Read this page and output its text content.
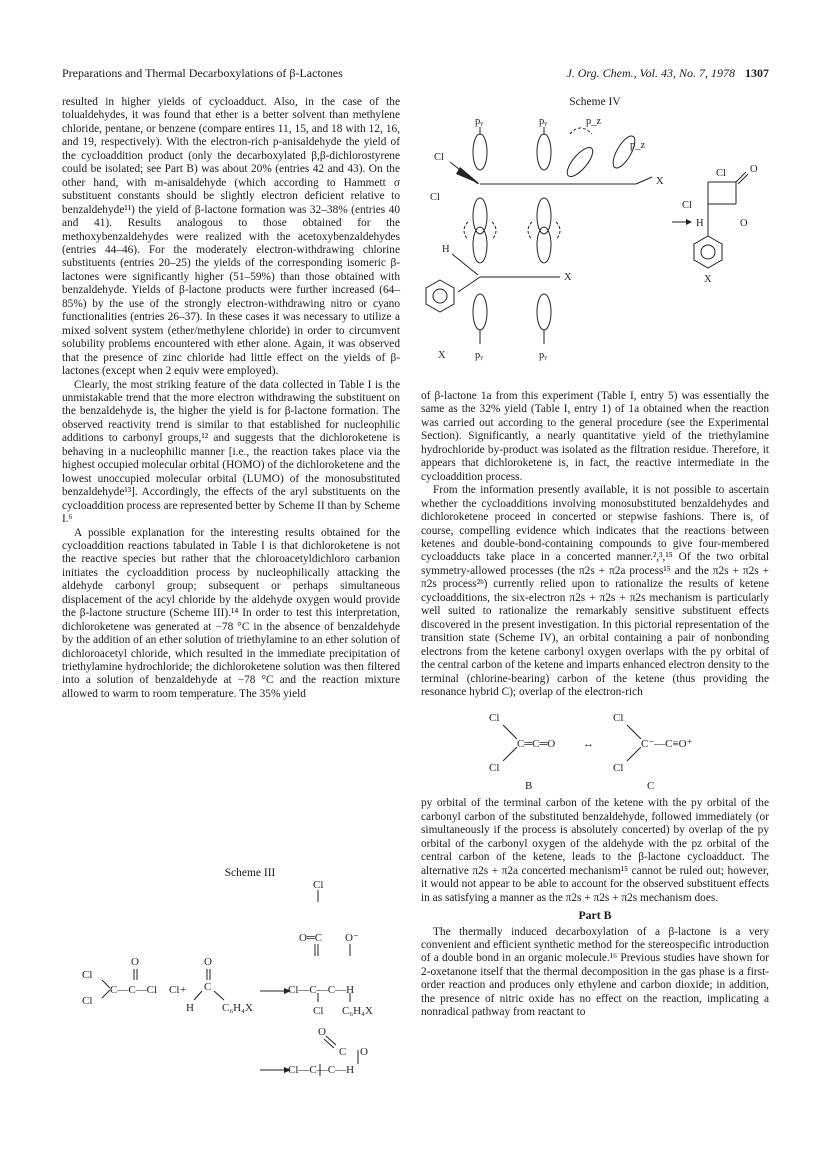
Preparations and Thermal Decarboxylations of β-Lactones	J. Org. Chem., Vol. 43, No. 7, 1978 1307

resulted in higher yields of cycloadduct. Also, in the case of the tolualdehydes, it was found that ether is a better solvent than methylene chloride, pentane, or benzene (compare entires 11, 15, and 18 with 12, 16, and 19, respectively). With the electron-rich p-anisaldehyde the yield of the cycloaddition product (only the decarboxylated β,β-dichlorostyrene could be isolated; see Part B) was about 20% (entries 42 and 43). On the other hand, with m-anisaldehyde (which according to Hammett σ substituent constants should be slightly electron deficient relative to benzaldehyde¹¹) the yield of β-lactone formation was 32–38% (entries 40 and 41). Results analogous to those obtained for the methoxybenzaldehydes were realized with the acetoxybenzaldehydes (entries 44–46). For the moderately electron-withdrawing chlorine substituents (entries 20–25) the yields of the corresponding isomeric β-lactones were significantly higher (51–59%) than those obtained with benzaldehyde. Yields of β-lactone products were further increased (64–85%) by the use of the strongly electron-withdrawing nitro or cyano functionalities (entries 26–37). In these cases it was necessary to utilize a mixed solvent system (ether/methylene chloride) in order to circumvent solubility problems encountered with ether alone. Again, it was observed that the presence of zinc chloride had little effect on the yields of β-lactones (except when 2 equiv were employed).

Clearly, the most striking feature of the data collected in Table I is the unmistakable trend that the more electron withdrawing the substituent on the benzaldehyde is, the higher the yield is for β-lactone formation. The observed reactivity trend is similar to that established for nucleophilic additions to carbonyl groups,¹² and suggests that the dichloroketene is behaving in a nucleophilic manner [i.e., the reaction takes place via the highest occupied molecular orbital (HOMO) of the dichloroketene and the lowest unoccupied molecular orbital (LUMO) of the monosubstituted benzaldehyde¹³]. Accordingly, the effects of the aryl substituents on the cycloaddition process are represented better by Scheme II than by Scheme I.⁶

A possible explanation for the interesting results obtained for the cycloaddition reactions tabulated in Table I is that dichloroketene is not the reactive species but rather that the chloroacetyldichloro carbanion initiates the cycloaddition process by nucleophilically attacking the aldehyde carbonyl group; subsequent or perhaps simultaneous displacement of the acyl chloride by the aldehyde oxygen would provide the β-lactone structure (Scheme III).¹⁴ In order to test this interpretation, dichloroketene was generated at −78 °C in the absence of benzaldehyde by the addition of an ether solution of triethylamine to an ether solution of dichloroacetyl chloride, which resulted in the immediate precipitation of triethylamine hydrochloride; the dichloroketene solution was then filtered into a solution of benzaldehyde at −78 °C and the reaction mixture allowed to warm to room temperature. The 35% yield

Scheme III
Cl
Cl
O
C—C—Cl Cl +
O
C
H	C₆H₄X
Cl
O═C O⁻
Cl—C—C—H
Cl C₆H₄X
O
C O
Cl—C—C—H
Scheme IV
pᵧ	pᵧ	p_z
p_z
Cl
Cl
X
H
X
X	pᵧ	pᵧ
Cl
Cl
O
H	O
X

of β-lactone 1a from this experiment (Table I, entry 5) was essentially the same as the 32% yield (Table I, entry 1) of 1a obtained when the reaction was carried out according to the general procedure (see the Experimental Section). Significantly, a nearly quantitative yield of the triethylamine hydrochloride by-product was isolated as the filtration residue. Therefore, it appears that dichloroketene is, in fact, the reactive intermediate in the cycloaddition process.

From the information presently available, it is not possible to ascertain whether the cycloadditions involving monosubstituted benzaldehydes and dichloroketene proceed in concerted or stepwise fashions. There is, of course, compelling evidence which indicates that the reactions between ketenes and double-bond-containing compounds to give four-membered cycloadducts take place in a concerted manner.²,³,¹⁵ Of the two orbital symmetry-allowed processes (the π2s + π2a process¹⁵ and the π2s + π2s + π2s process²ᵇ) currently relied upon to rationalize the results of ketene cycloadditions, the six-electron π2s + π2s + π2s mechanism is particularly well suited to rationalize the remarkably sensitive substituent effects discovered in the present investigation. In this pictorial representation of the transition state (Scheme IV), an orbital containing a pair of nonbonding electrons from the ketene carbonyl oxygen overlaps with the py orbital of the central carbon of the ketene and imparts enhanced electron density to the terminal (chlorine-bearing) carbon of the ketene (thus providing the resonance hybrid C); overlap of the electron-rich

Cl
Cl
C═C═O	↔
Cl
Cl
C⁻—C≡O⁺
B	C

py orbital of the terminal carbon of the ketene with the py orbital of the carbonyl carbon of the substituted benzaldehyde, followed immediately (or simultaneously if the process is absolutely concerted) by overlap of the py orbital of the carbonyl oxygen of the aldehyde with the pz orbital of the central carbon of the ketene, leads to the β-lactone cycloadduct. The alternative π2s + π2a concerted mechanism¹⁵ cannot be ruled out; however, it would not appear to be able to account for the observed substituent effects in as satisfying a manner as the π2s + π2s + π2s mechanism does.

Part B

The thermally induced decarboxylation of a β-lactone is a very convenient and efficient synthetic method for the stereospecific introduction of a double bond in an organic molecule.¹⁶ Previous studies have shown for 2-oxetanone itself that the thermal decomposition in the gas phase is a first-order reaction and produces only ethylene and carbon dioxide; in addition, the presence of nitric oxide has no effect on the reaction, implicating a nonradical pathway from reactant to
